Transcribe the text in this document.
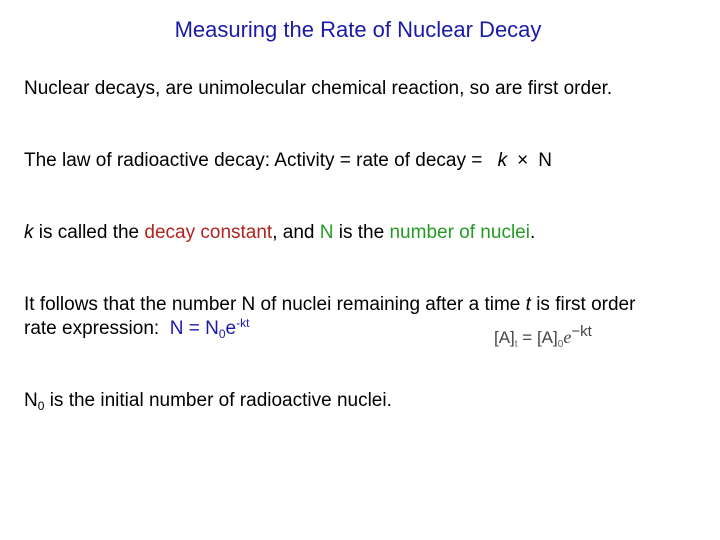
Measuring the Rate of Nuclear Decay
Nuclear decays, are unimolecular chemical reaction, so are first order.
The law of radioactive decay: Activity = rate of decay = k × N
k is called the decay constant, and N is the number of nuclei.
It follows that the number N of nuclei remaining after a time t is first order
rate expression:  $N = N_0e^{-kt}$
$[A]_t = [A]_0e^{-kt}$
$N_0$ is the initial number of radioactive nuclei.
